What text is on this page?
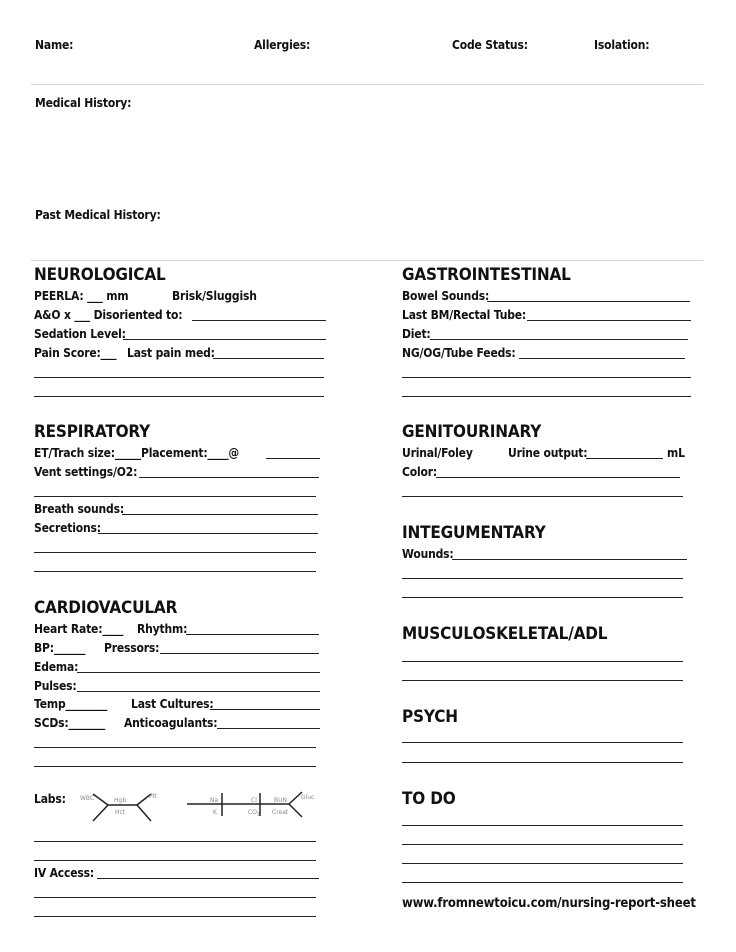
Name:	Allergies:	Code Status:	Isolation:
Medical History:
Past Medical History:
NEUROLOGICAL
PEERLA: ___ mm	Brisk/Sluggish
A&O x ___ Disoriented to:
Sedation Level:
Pain Score:___ Last pain med:
RESPIRATORY
ET/Trach size:_____Placement:____@
Vent settings/O2:
Breath sounds:
Secretions:
CARDIOVACULAR
Heart Rate:____ Rhythm:
BP:______ Pressors:
Edema:
Pulses:
Temp________ Last Cultures:
SCDs:_______ Anticoagulants:
Labs: WBC	Hgb
Hct
Plt
Na
K
Cl
$CO_2$
BUN
Creat
Gluc
IV Access:
GASTROINTESTINAL
Bowel Sounds:
Last BM/Rectal Tube:
Diet:
NG/OG/Tube Feeds:
GENITOURINARY
Urinal/Foley	Urine output:	mL
Color:
INTEGUMENTARY
Wounds:
MUSCULOSKELETAL/ADL
PSYCH
TO DO
www.fromnewtoicu.com/nursing-report-sheet
